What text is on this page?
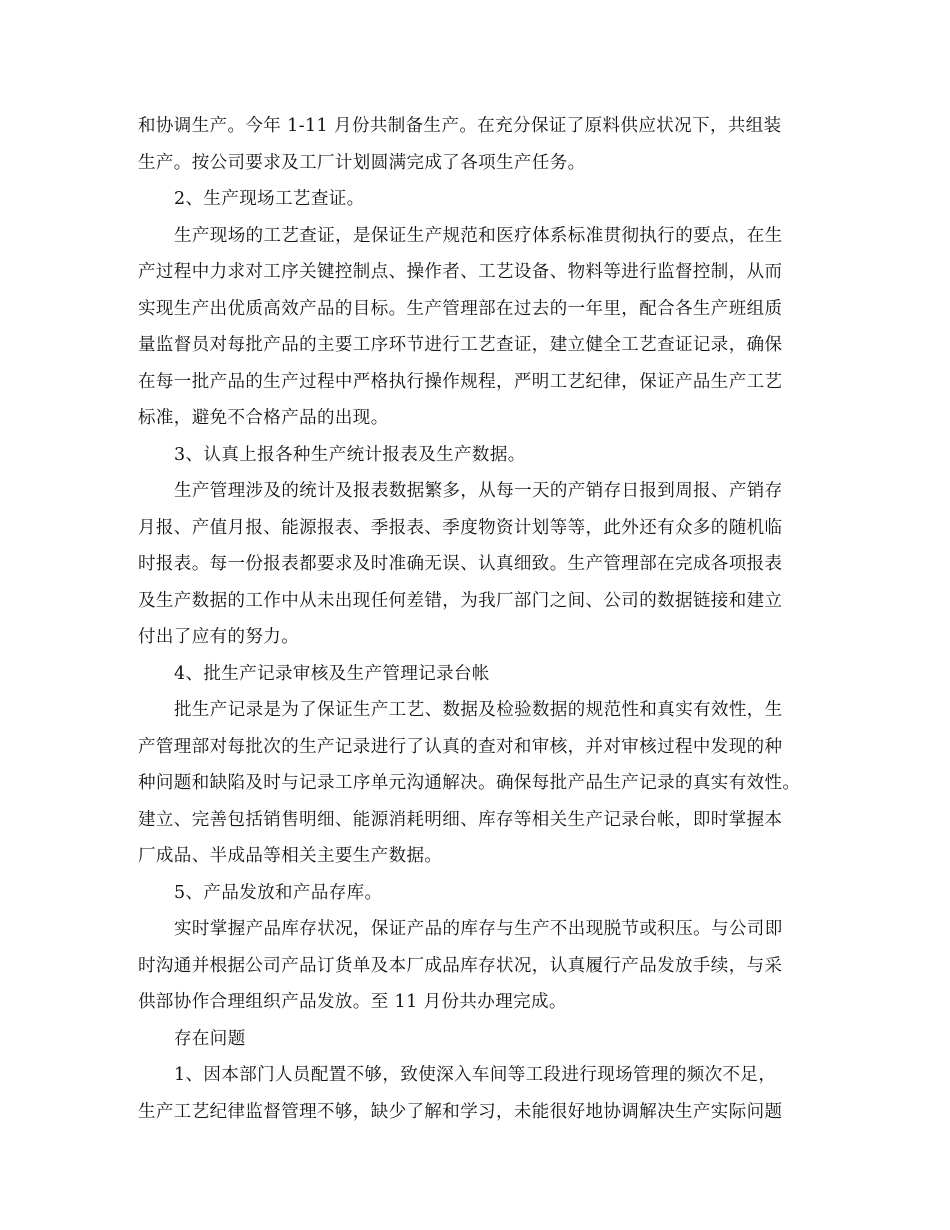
和协调生产。今年 1-11 月份共制备生产。在充分保证了原料供应状况下，共组装
生产。按公司要求及工厂计划圆满完成了各项生产任务。
2、生产现场工艺查证。
生产现场的工艺查证，是保证生产规范和医疗体系标准贯彻执行的要点，在生
产过程中力求对工序关键控制点、操作者、工艺设备、物料等进行监督控制，从而
实现生产出优质高效产品的目标。生产管理部在过去的一年里，配合各生产班组质
量监督员对每批产品的主要工序环节进行工艺查证，建立健全工艺查证记录，确保
在每一批产品的生产过程中严格执行操作规程，严明工艺纪律，保证产品生产工艺
标准，避免不合格产品的出现。
3、认真上报各种生产统计报表及生产数据。
生产管理涉及的统计及报表数据繁多，从每一天的产销存日报到周报、产销存
月报、产值月报、能源报表、季报表、季度物资计划等等，此外还有众多的随机临
时报表。每一份报表都要求及时准确无误、认真细致。生产管理部在完成各项报表
及生产数据的工作中从未出现任何差错，为我厂部门之间、公司的数据链接和建立
付出了应有的努力。
4、批生产记录审核及生产管理记录台帐
批生产记录是为了保证生产工艺、数据及检验数据的规范性和真实有效性，生
产管理部对每批次的生产记录进行了认真的查对和审核，并对审核过程中发现的种
种问题和缺陷及时与记录工序单元沟通解决。确保每批产品生产记录的真实有效性。
建立、完善包括销售明细、能源消耗明细、库存等相关生产记录台帐，即时掌握本
厂成品、半成品等相关主要生产数据。
5、产品发放和产品存库。
实时掌握产品库存状况，保证产品的库存与生产不出现脱节或积压。与公司即
时沟通并根据公司产品订货单及本厂成品库存状况，认真履行产品发放手续，与采
供部协作合理组织产品发放。至 11 月份共办理完成。
存在问题
1、因本部门人员配置不够，致使深入车间等工段进行现场管理的频次不足，
生产工艺纪律监督管理不够，缺少了解和学习，未能很好地协调解决生产实际问题
